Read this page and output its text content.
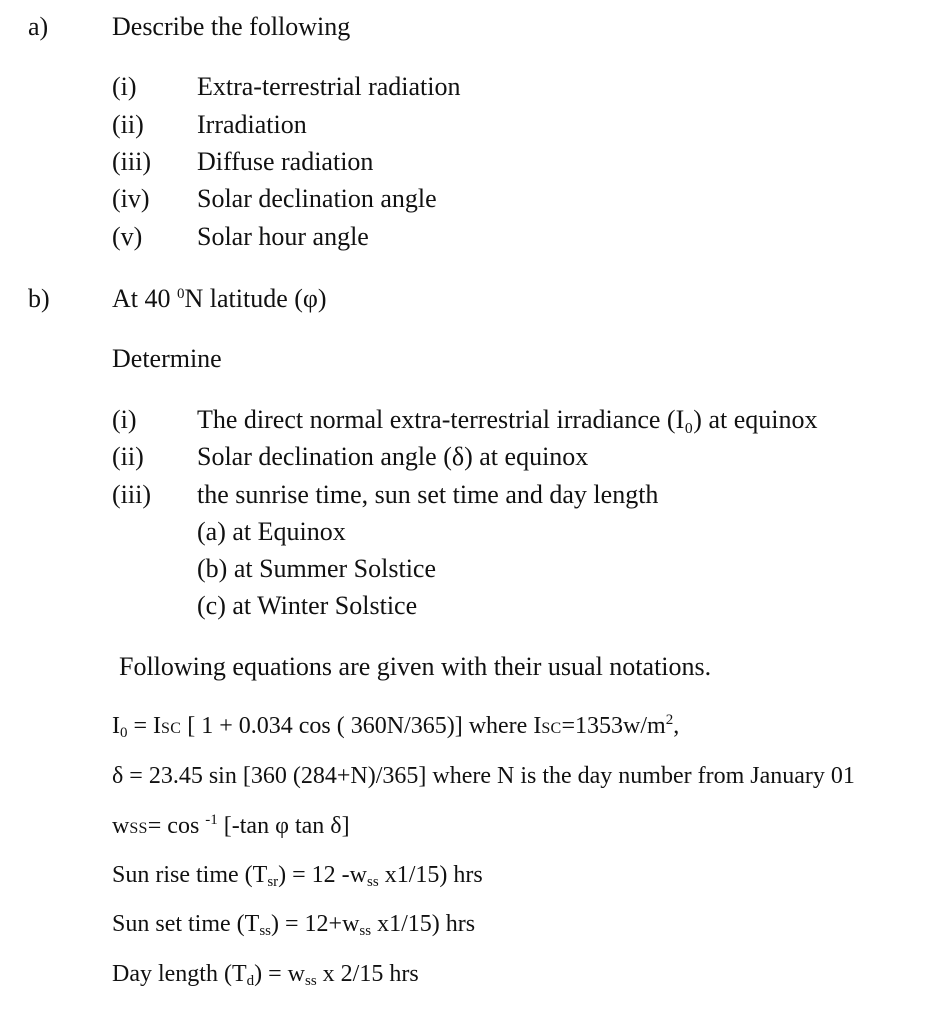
a) Describe the following
(i) Extra-terrestrial radiation
(ii) Irradiation
(iii) Diffuse radiation
(iv) Solar declination angle
(v) Solar hour angle
b) At 40 $^0$N latitude (φ)
Determine
(i) The direct normal extra-terrestrial irradiance (I₀) at equinox
(ii) Solar declination angle (δ) at equinox
(iii) the sunrise time, sun set time and day length
(a) at Equinox
(b) at Summer Solstice
(c) at Winter Solstice
Following equations are given with their usual notations.
$I_0$ = ISC [ 1 + 0.034 cos ( 360N/365)] where $ISC=1353w/m^2$,
δ = 23.45 sin [360 (284+N)/365] where N is the day number from January 01
wSS= cos $^{-1}$ [-tan φ tan δ]
Sun rise time $(T_{sr}) = 12$ $-w_{ss}$ x1/15) hrs
Sun set time $(T_{ss}) = 12+w_{ss}$ x1/15) hrs
Day length $(T_d) = w_{ss}$ x 2/15 hrs
